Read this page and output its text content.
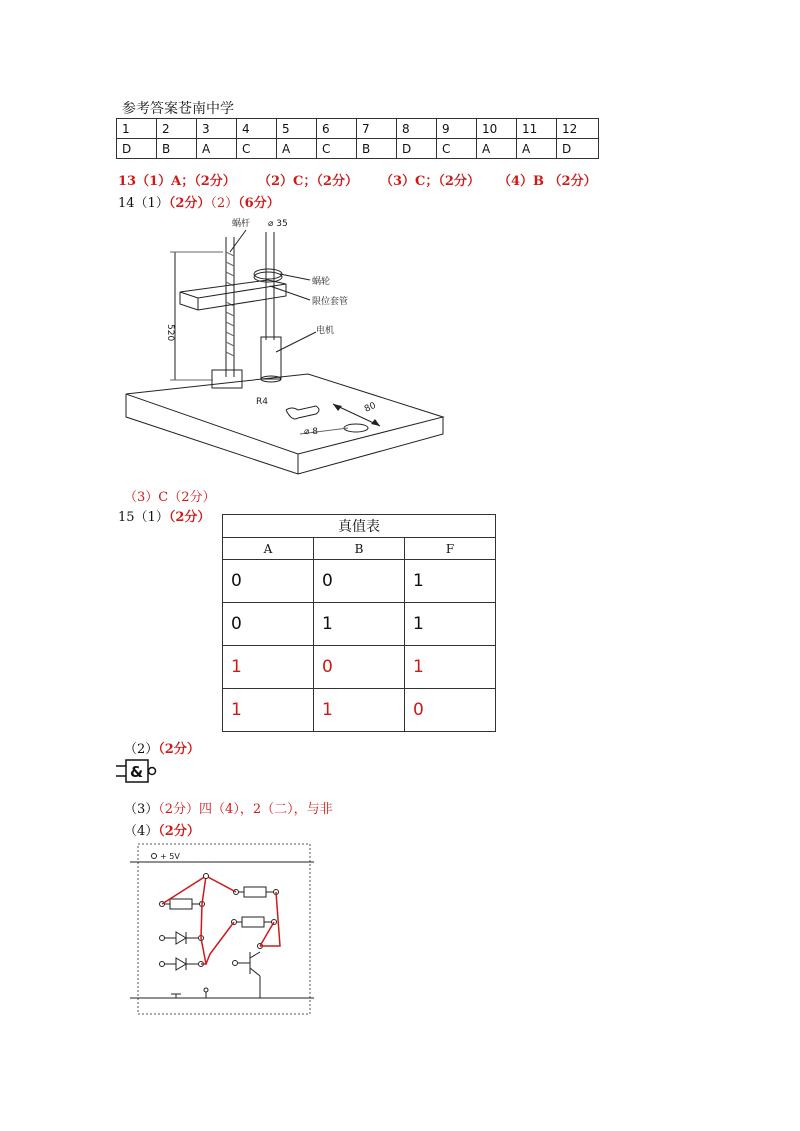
参考答案苍南中学
1	2	3	4	5	6	7	8	9	10	11	12
D	B	A	C	A	C	B	D	C	A	A	D
13（1）A；（2分） （2）C；（2分） （3）C；（2分） （4）B （2分）
14（1）（2分）（2）（6分）
蜗杆 ⌀ 35
蜗轮
限位套管
电机
520
R4
⌀ 8
80
（3）C（2分）
15（1）（2分）
真值表		
A	B	F
0	0	1
0	1	1
1	0	1
1	1	0
（2）（2分）
&
（3）（2分）四（4），2（二），与非
（4）（2分）
+ 5V
